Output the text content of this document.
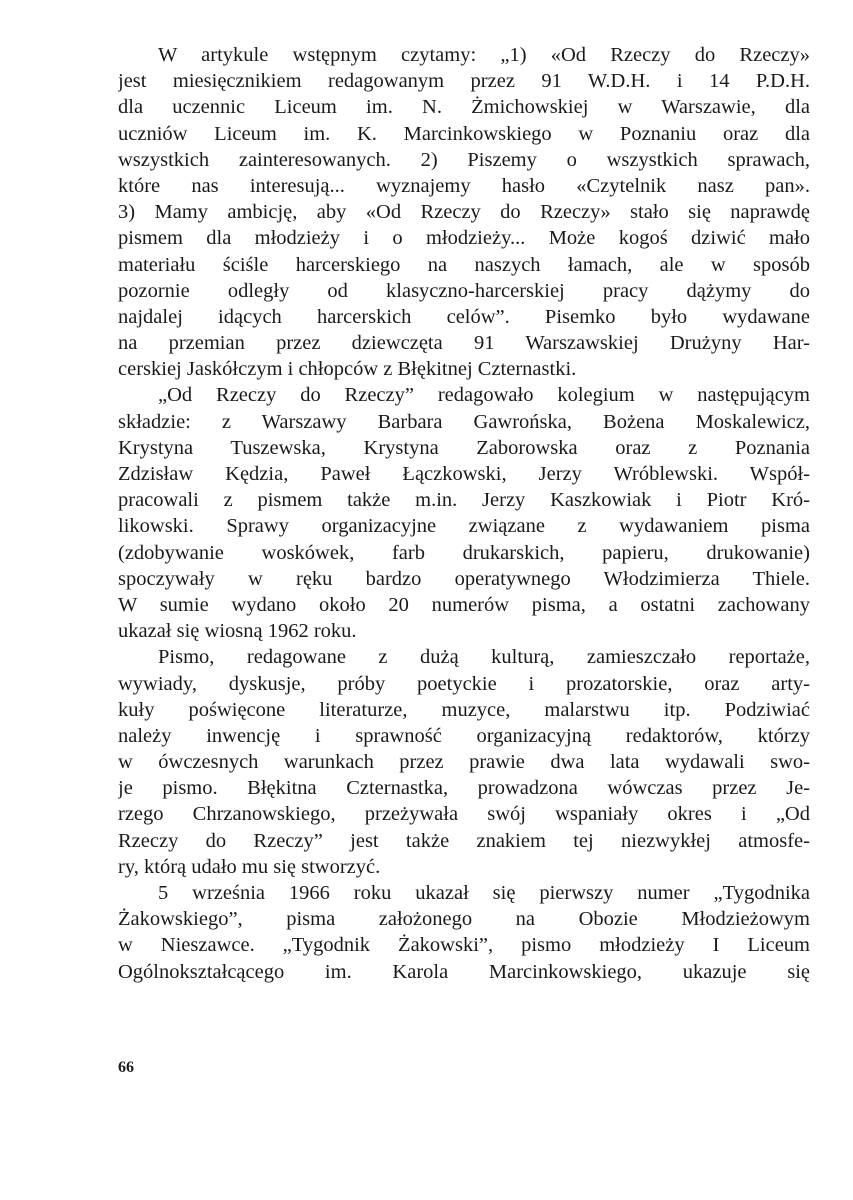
W artykule wstępnym czytamy: „1) «Od Rzeczy do Rzeczy»
jest miesięcznikiem redagowanym przez 91 W.D.H. i 14 P.D.H.
dla uczennic Liceum im. N. Żmichowskiej w Warszawie, dla
uczniów Liceum im. K. Marcinkowskiego w Poznaniu oraz dla
wszystkich zainteresowanych. 2) Piszemy o wszystkich sprawach,
które nas interesują... wyznajemy hasło «Czytelnik nasz pan».
3) Mamy ambicję, aby «Od Rzeczy do Rzeczy» stało się naprawdę
pismem dla młodzieży i o młodzieży... Może kogoś dziwić mało
materiału ściśle harcerskiego na naszych łamach, ale w sposób
pozornie odległy od klasyczno-harcerskiej pracy dążymy do
najdalej idących harcerskich celów”. Pisemko było wydawane
na przemian przez dziewczęta 91 Warszawskiej Drużyny Har-
cerskiej Jaskółczym i chłopców z Błękitnej Czternastki.
„Od Rzeczy do Rzeczy” redagowało kolegium w następującym
składzie: z Warszawy Barbara Gawrońska, Bożena Moskalewicz,
Krystyna Tuszewska, Krystyna Zaborowska oraz z Poznania
Zdzisław Kędzia, Paweł Łączkowski, Jerzy Wróblewski. Współ-
pracowali z pismem także m.in. Jerzy Kaszkowiak i Piotr Kró-
likowski. Sprawy organizacyjne związane z wydawaniem pisma
(zdobywanie woskówek, farb drukarskich, papieru, drukowanie)
spoczywały w ręku bardzo operatywnego Włodzimierza Thiele.
W sumie wydano około 20 numerów pisma, a ostatni zachowany
ukazał się wiosną 1962 roku.
Pismo, redagowane z dużą kulturą, zamieszczało reportaże,
wywiady, dyskusje, próby poetyckie i prozatorskie, oraz arty-
kuły poświęcone literaturze, muzyce, malarstwu itp. Podziwiać
należy inwencję i sprawność organizacyjną redaktorów, którzy
w ówczesnych warunkach przez prawie dwa lata wydawali swo-
je pismo. Błękitna Czternastka, prowadzona wówczas przez Je-
rzego Chrzanowskiego, przeżywała swój wspaniały okres i „Od
Rzeczy do Rzeczy” jest także znakiem tej niezwykłej atmosfe-
ry, którą udało mu się stworzyć.
5 września 1966 roku ukazał się pierwszy numer „Tygodnika
Żakowskiego”, pisma założonego na Obozie Młodzieżowym
w Nieszawce. „Tygodnik Żakowski”, pismo młodzieży I Liceum
Ogólnokształcącego im. Karola Marcinkowskiego, ukazuje się
66
